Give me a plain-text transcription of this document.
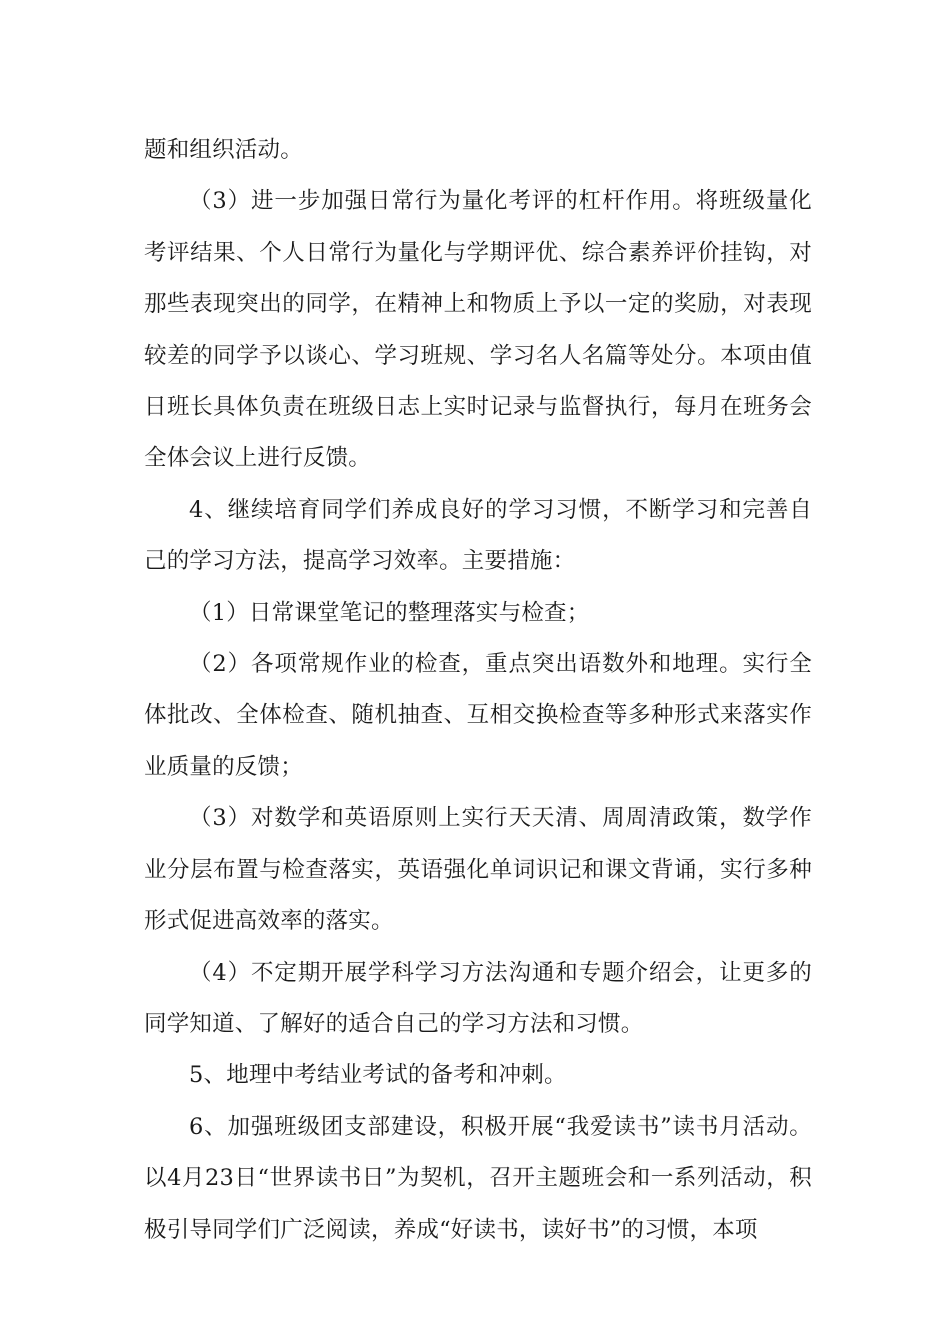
题和组织活动。

（3）进一步加强日常行为量化考评的杠杆作用。将班级量化考评结果、个人日常行为量化与学期评优、综合素养评价挂钩，对那些表现突出的同学，在精神上和物质上予以一定的奖励，对表现较差的同学予以谈心、学习班规、学习名人名篇等处分。本项由值日班长具体负责在班级日志上实时记录与监督执行，每月在班务会全体会议上进行反馈。

4、继续培育同学们养成良好的学习习惯，不断学习和完善自己的学习方法，提高学习效率。主要措施：

（1）日常课堂笔记的整理落实与检查；

（2）各项常规作业的检查，重点突出语数外和地理。实行全体批改、全体检查、随机抽查、互相交换检查等多种形式来落实作业质量的反馈；

（3）对数学和英语原则上实行天天清、周周清政策，数学作业分层布置与检查落实，英语强化单词识记和课文背诵，实行多种形式促进高效率的落实。

（4）不定期开展学科学习方法沟通和专题介绍会，让更多的同学知道、了解好的适合自己的学习方法和习惯。

5、地理中考结业考试的备考和冲刺。

6、加强班级团支部建设，积极开展“我爱读书”读书月活动。以4月23日“世界读书日”为契机，召开主题班会和一系列活动，积极引导同学们广泛阅读，养成“好读书，读好书”的习惯，本项
